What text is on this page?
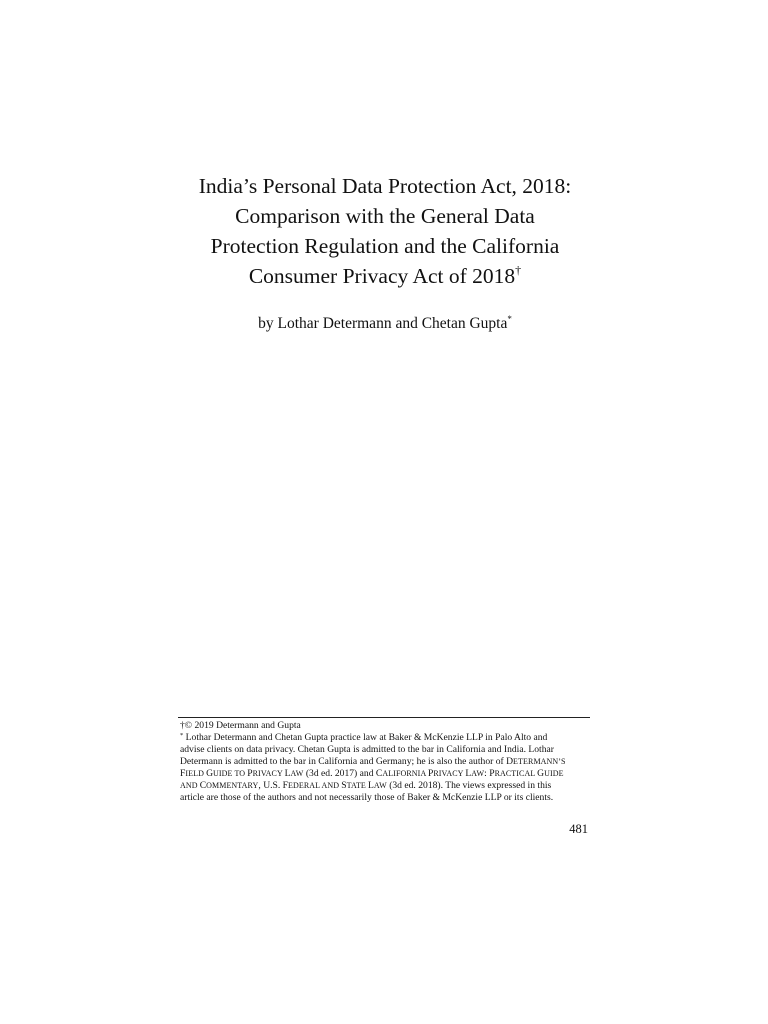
India’s Personal Data Protection Act, 2018:
Comparison with the General Data
Protection Regulation and the California
Consumer Privacy Act of 2018†
by Lothar Determann and Chetan Gupta*
†© 2019 Determann and Gupta
* Lothar Determann and Chetan Gupta practice law at Baker & McKenzie LLP in Palo Alto and
advise clients on data privacy. Chetan Gupta is admitted to the bar in California and India. Lothar
Determann is admitted to the bar in California and Germany; he is also the author of DETERMANN’S
FIELD GUIDE TO PRIVACY LAW (3d ed. 2017) and CALIFORNIA PRIVACY LAW: PRACTICAL GUIDE
AND COMMENTARY, U.S. FEDERAL AND STATE LAW (3d ed. 2018). The views expressed in this
article are those of the authors and not necessarily those of Baker & McKenzie LLP or its clients.
481
